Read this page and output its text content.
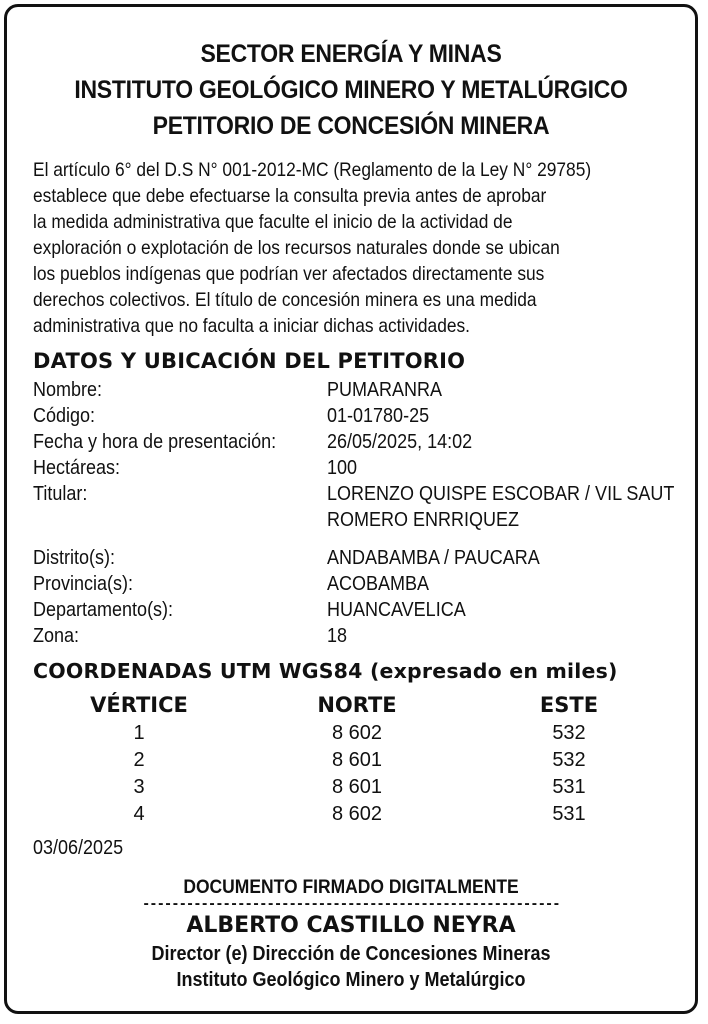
SECTOR ENERGÍA Y MINAS
INSTITUTO GEOLÓGICO MINERO Y METALÚRGICO
PETITORIO DE CONCESIÓN MINERA
El artículo 6° del D.S N° 001-2012-MC (Reglamento de la Ley N° 29785)
establece que debe efectuarse la consulta previa antes de aprobar
la medida administrativa que faculte el inicio de la actividad de
exploración o explotación de los recursos naturales donde se ubican
los pueblos indígenas que podrían ver afectados directamente sus
derechos colectivos. El título de concesión minera es una medida
administrativa que no faculta a iniciar dichas actividades.
DATOS Y UBICACIÓN DEL PETITORIO
Nombre:	PUMARANRA
Código:	01-01780-25
Fecha y hora de presentación:	26/05/2025, 14:02
Hectáreas:	100
Titular:	LORENZO QUISPE ESCOBAR / VIL SAUT
ROMERO ENRRIQUEZ
Distrito(s):	ANDABAMBA / PAUCARA
Provincia(s):	ACOBAMBA
Departamento(s):	HUANCAVELICA
Zona:	18
COORDENADAS UTM WGS84 (expresado en miles)
VÉRTICE	NORTE	ESTE
1	8 602	532
2	8 601	532
3	8 601	531
4	8 602	531
03/06/2025
DOCUMENTO FIRMADO DIGITALMENTE
---------------------------------------------------------
ALBERTO CASTILLO NEYRA
Director (e) Dirección de Concesiones Mineras
Instituto Geológico Minero y Metalúrgico
